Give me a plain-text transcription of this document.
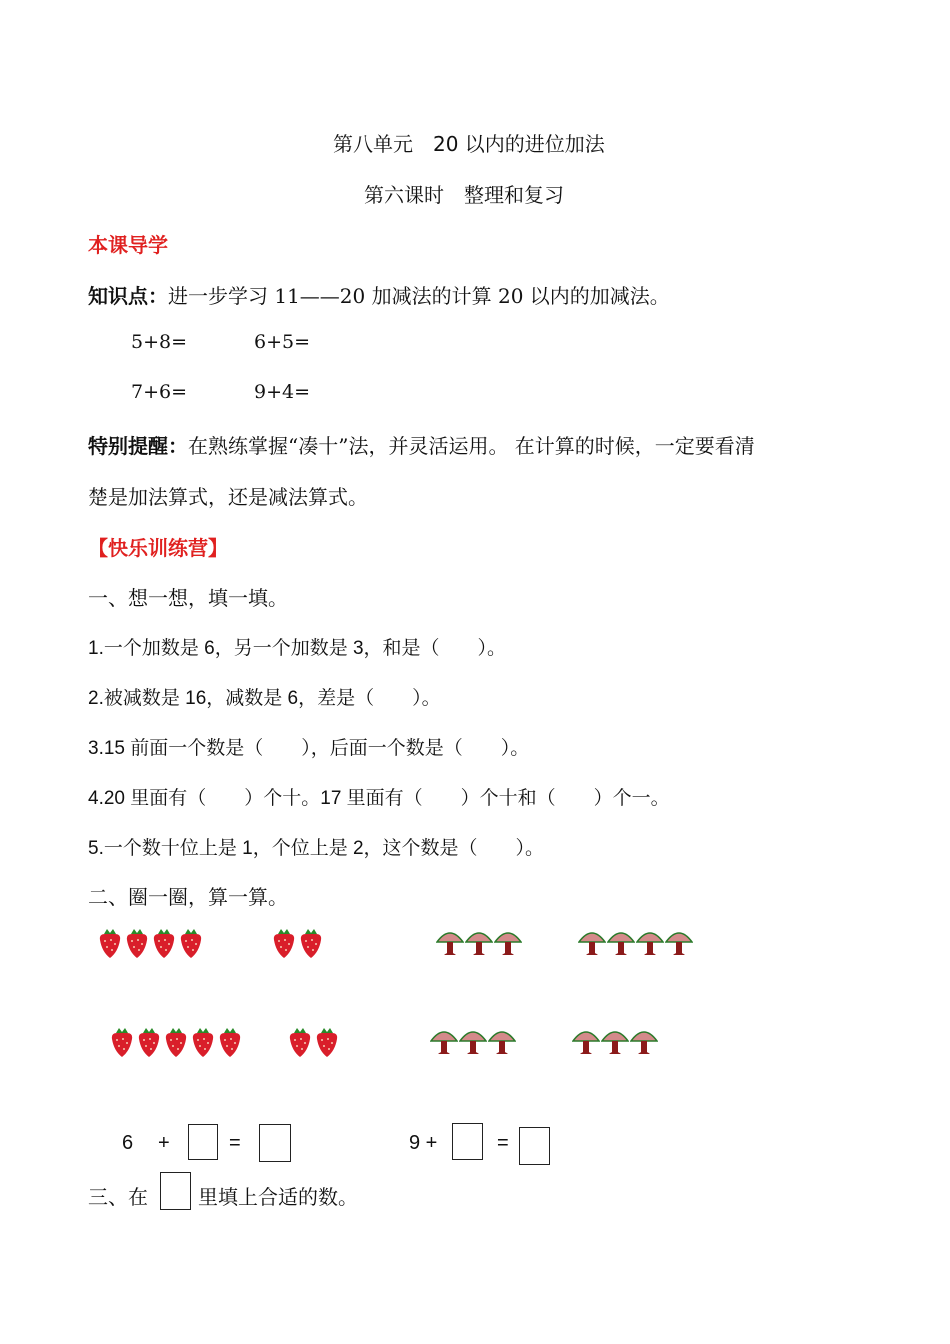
第八单元　20 以内的进位加法
第六课时　整理和复习
本课导学
知识点：进一步学习 11——20 加减法的计算 20 以内的加减法。
5+8=	6+5=
7+6=	9+4=
特别提醒：在熟练掌握“凑十”法，并灵活运用。 在计算的时候，一定要看清
楚是加法算式，还是减法算式。
【快乐训练营】
一、想一想，填一填。
1.一个加数是 6，另一个加数是 3，和是（　　）。
2.被减数是 16，减数是 6，差是（　　）。
3.15 前面一个数是（　　），后面一个数是（　　）。
4.20 里面有（　　）个十。17 里面有（　　）个十和（　　）个一。
5.一个数十位上是 1，个位上是 2，这个数是（　　）。
二、圈一圈，算一算。
6 +	=	9 +	=
三、在	里填上合适的数。
